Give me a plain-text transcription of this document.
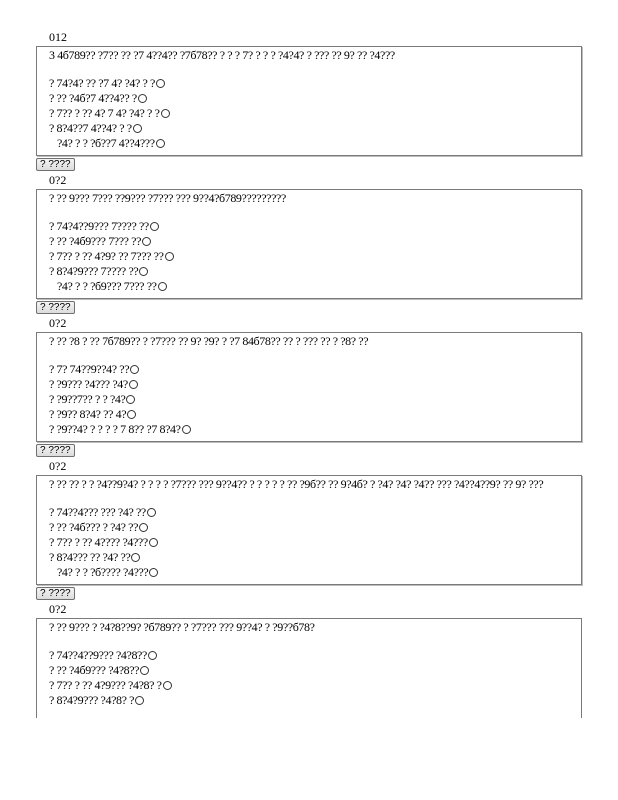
012
3 4б789?? ?7?? ?? ?7 4??4?? ?7б78?? ? ? ? 7? ? ? ? ?4?4? ? ??? ?? 9? ?? ?4???
? 74?4? ?? ?7 4? ?4? ? ?
? ?? ?4б?7 4??4?? ?
? 7?? ? ?? 4? 7 4? ?4? ? ?
? 8?4??7 4??4? ? ?
?4? ? ? ?б??7 4??4???
? ????
0?2
? ?? 9??? 7??? ??9??? ?7??? ??? 9??4?б789?????????
? 74?4??9??? 7???? ??
? ?? ?4б9??? 7??? ??
? 7?? ? ?? 4?9? ?? 7??? ??
? 8?4?9??? 7???? ??
?4? ? ? ?б9??? 7??? ??
? ????
0?2
? ?? ?8 ? ?? 7б789?? ? ?7??? ?? 9? ?9? ? ?7 84б78?? ?? ? ??? ?? ? ?8? ??
? 7? 74??9??4? ??
? ?9??? ?4??? ?4?
? ?9??7?? ? ? ?4?
? ?9?? 8?4? ?? 4?
? ?9??4? ? ? ? ? 7 8?? ?7 8?4?
? ????
0?2
? ?? ?? ? ? ?4??9?4? ? ? ? ? ?7??? ??? 9??4?? ? ? ? ? ? ?? ?9б?? ?? 9?4б? ? ?4? ?4? ?4?? ??? ?4??4??9? ?? 9? ???
? 74??4??? ??? ?4? ??
? ?? ?4б??? ? ?4? ??
? 7?? ? ?? 4???? ?4???
? 8?4??? ?? ?4? ??
?4? ? ? ?б???? ?4???
? ????
0?2
? ?? 9??? ? ?4?8??9? ?б789?? ? ?7??? ??? 9??4? ? ?9??б78?
? 74??4??9??? ?4?8??
? ?? ?4б9??? ?4?8??
? 7?? ? ?? 4?9??? ?4?8? ?
? 8?4?9??? ?4?8? ?
